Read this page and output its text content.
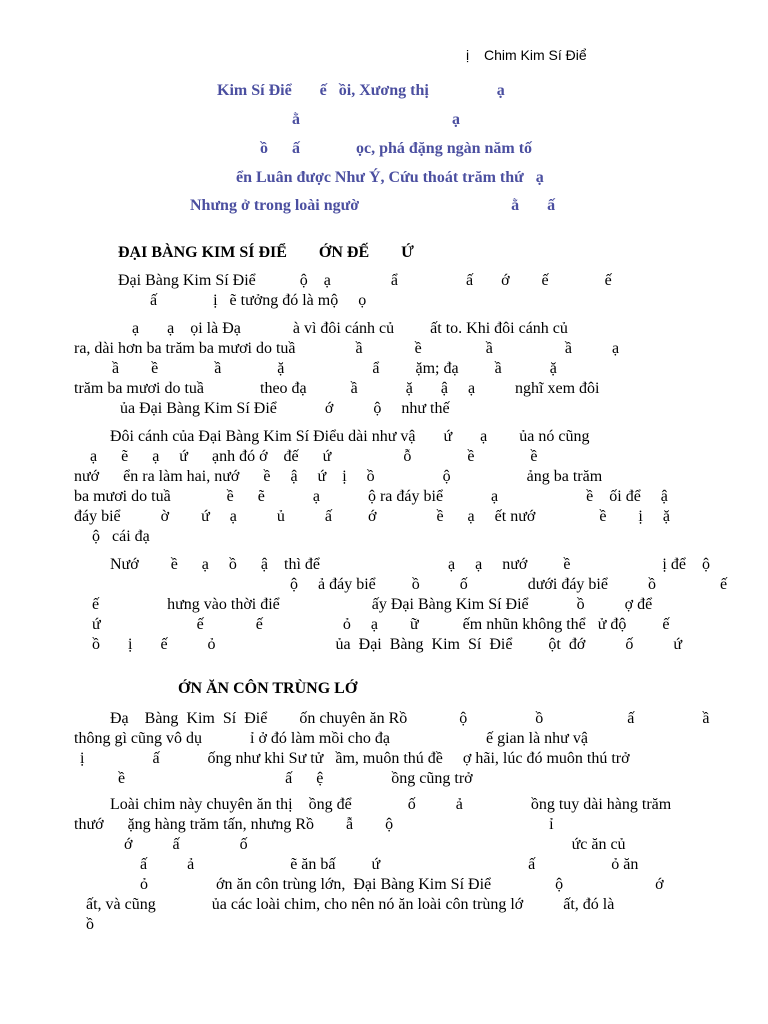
ị Chim Kim Sí Điể
Kim Sí Điể       ế   ồi, Xương thị                 ạ
ằ                                      ạ
ồ      ấ              ọc, phá đặng ngàn năm tố
ển Luân được Như Ý, Cứu thoát trăm thứ   ạ
Nhưng ở trong loài ngườ                                      ằ       ấ
ĐẠI BÀNG KIM SÍ ĐIỂ        ỚN ĐẾ        Ứ
Đại Bàng Kim Sí Điể           ộ    ạ               ẩ                 ấ       ớ        ế              ế
ấ              ị   ẽ tưởng đó là mộ     ọ
ạ       ạ    ọi là Đạ             à vì đôi cánh củ         ất to. Khi đôi cánh củ
ra, dài hơn ba trăm ba mươi do tuầ               ầ             ề                ầ                  ầ          ạ
ầ        ề              ầ              ặ                      ẩ         ặm; đạ         ầ            ặ
trăm ba mươi do tuầ              theo đạ           ầ            ặ       ậ     ạ          nghĩ xem đôi
ủa Đại Bàng Kim Sí Điể            ớ          ộ     như thế
Đôi cánh của Đại Bàng Kim Sí Điểu dài như vậ       ứ       ạ        ủa nó cũng
ạ      ẽ      ạ     ứ      ạnh đó ớ    đế      ứ                  ỗ              ề              ề
nướ      ển ra làm hai, nướ      ề     ậ     ứ    ị     ồ                 ộ                   ảng ba trăm
ba mươi do tuầ              ề      ẽ            ạ            ộ ra đáy biể            ạ                      ề    ối để     ậ
đáy biể          ờ        ứ     ạ          ủ          ấ         ớ               ề      ạ     ết nướ                ề        ị     ặ
ộ   cái đạ
Nướ        ề      ạ     ồ      ậ    thì để                                ạ     ạ     nướ         ề                       ị để    ộ
ộ     ả đáy biể         ồ          ố               dưới đáy biể          ồ                ế
ế                 hưng vào thời điể                       ấy Đại Bàng Kim Sí Điể            ồ          ợ để
ứ                        ế             ế                    ỏ     ạ        ữ           ếm nhũn không thể   ử độ         ế
ồ       ị       ế          ỏ                              ủa  Đại  Bàng  Kim  Sí  Điể         ột  đớ          ố          ứ
ỚN ĂN CÔN TRÙNG LỚ
Đạ    Bàng  Kim  Sí  Điể        ốn chuyên ăn Rồ             ộ                 ồ                     ấ                 ầ
thông gì cũng vô dụ            ỉ ở đó làm mồi cho đạ                        ế gian là như vậ
ị                 ấ            ống như khi Sư tử   ầm, muôn thú đề     ợ hãi, lúc đó muôn thú trở
ề                                        ấ      ệ                 ồng cũng trở
Loài chim này chuyên ăn thị    ồng để              ố          ả                 ồng tuy dài hàng trăm
thướ      ặng hàng trăm tấn, nhưng Rồ        ẫ        ộ                                       ỉ
ớ          ấ               ố                                                                                 ức ăn củ
ấ          ả                        ẽ ăn bấ         ứ                                     ấ                   ỏ ăn
ỏ                 ớn ăn côn trùng lớn,  Đại Bàng Kim Sí Điể                ộ                       ớ
ất, và cũng              ủa các loài chim, cho nên nó ăn loài côn trùng lớ          ất, đó là
ồ
